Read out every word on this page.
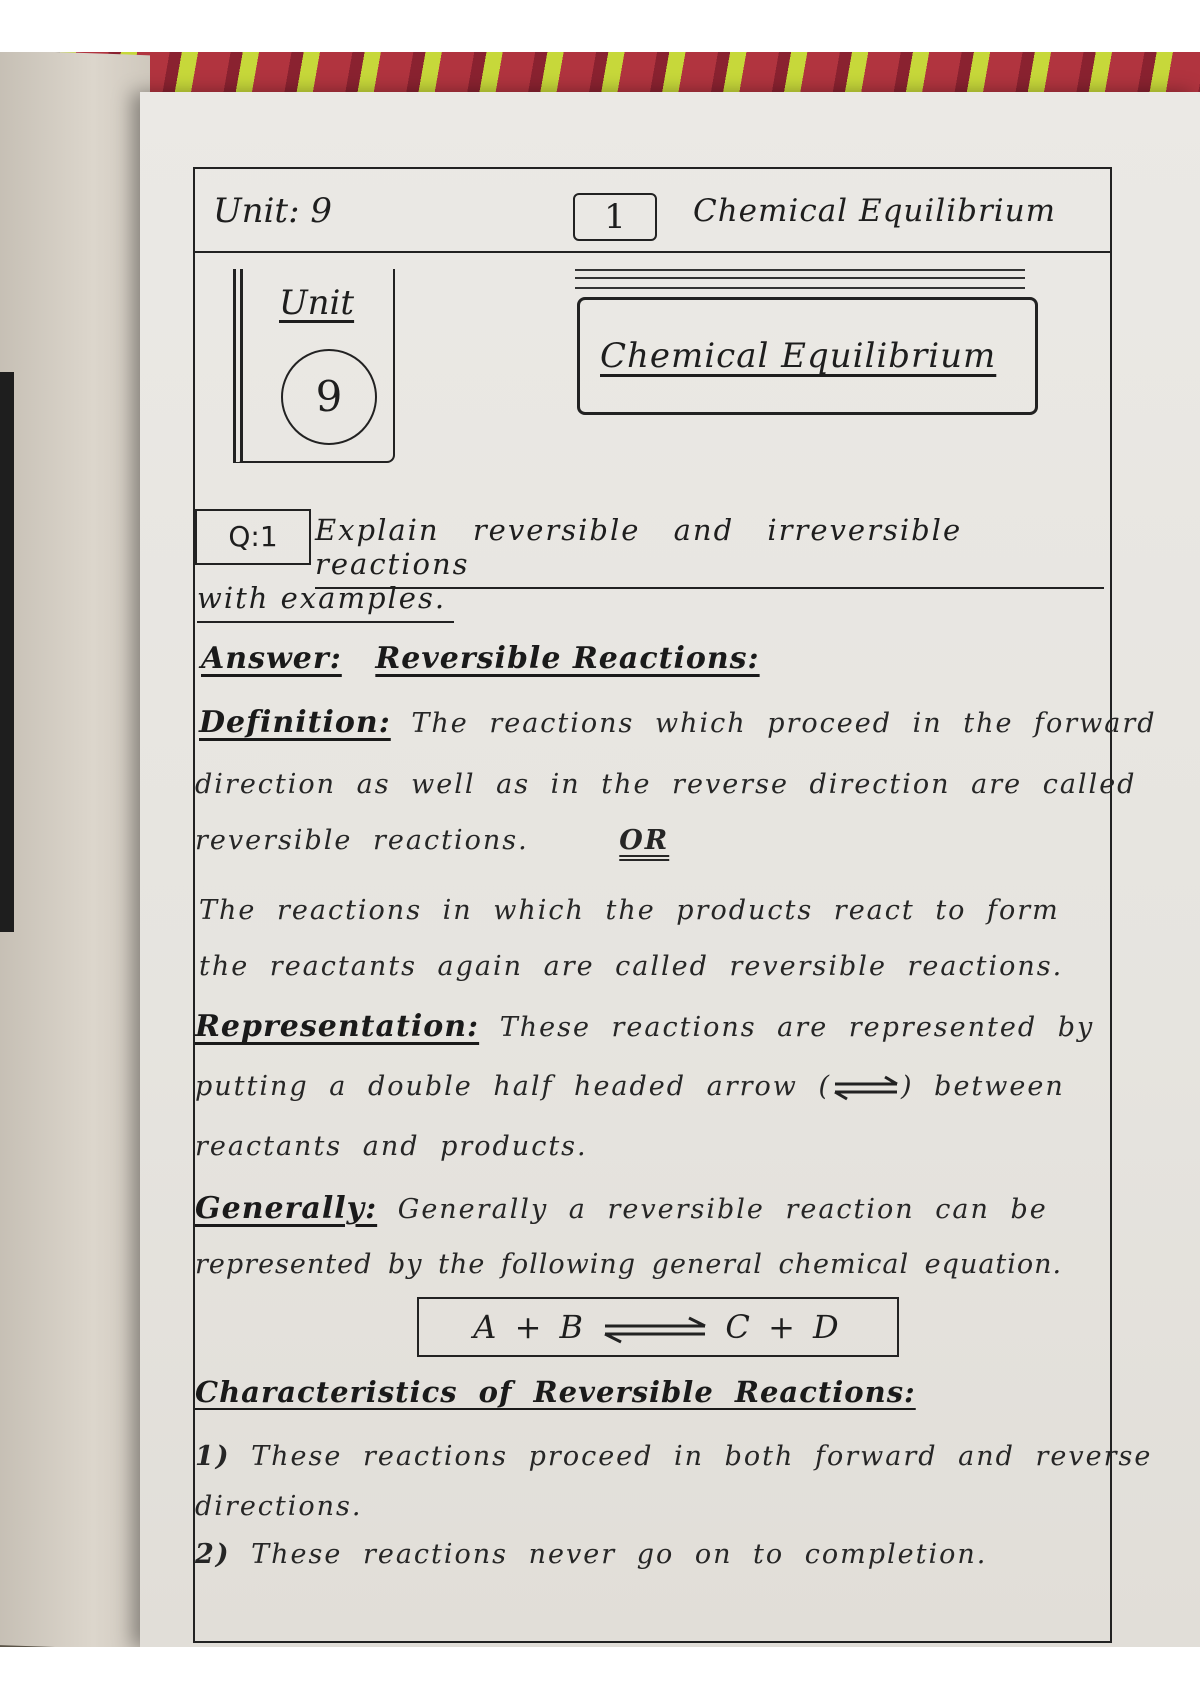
Unit: 9	1	Chemical Equilibrium
Unit
9
Chemical Equilibrium
Q:1	Explain reversible and irreversible reactions
with examples.
Answer: Reversible Reactions:
Definition: The reactions which proceed in the forward
direction as well as in the reverse direction are called
reversible reactions.	OR
The reactions in which the products react to form
the reactants again are called reversible reactions.
Representation: These reactions are represented by
putting a double half headed arrow (	) between
reactants and products.
Generally: Generally a reversible reaction can be
represented by the following general chemical equation.
A + B ⇌ C + D
Characteristics of Reversible Reactions:
1) These reactions proceed in both forward and reverse
directions.
2) These reactions never go on to completion.
